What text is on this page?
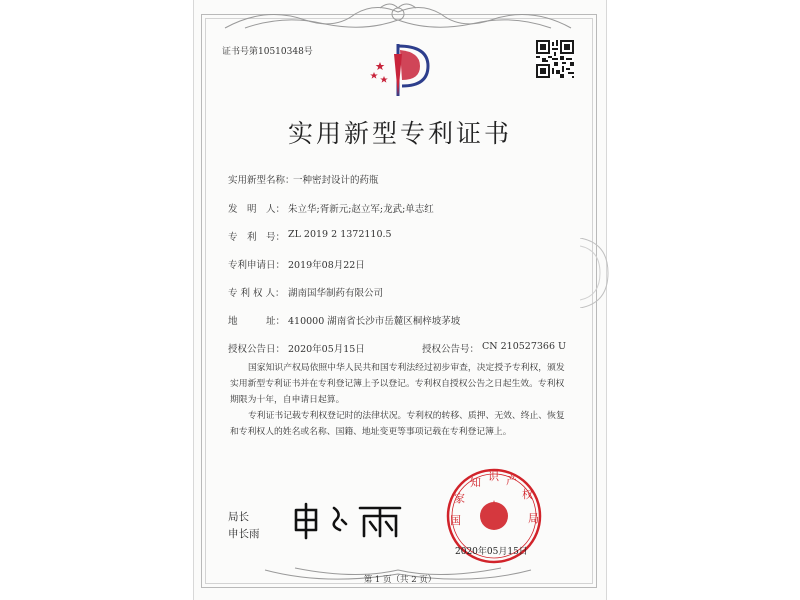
证书号第10510348号
实用新型专利证书
实用新型名称：
一种密封设计的药瓶
发　明　人： 朱立华;胥新元;赵立军;龙武;单志红
专　利　号： ZL 2019 2 1372110.5
专利申请日： 2019年08月22日
专 利 权 人： 湖南国华制药有限公司
地　　　址： 410000 湖南省长沙市岳麓区桐梓坡茅坡
授权公告日： 2020年05月15日	授权公告号： CN 210527366 U
国家知识产权局依照中华人民共和国专利法经过初步审查，决定授予专利权，颁发实用新型专利证书并在专利登记簿上予以登记。专利权自授权公告之日起生效。专利权期限为十年，自申请日起算。
专利证书记载专利权登记时的法律状况。专利权的转移、质押、无效、终止、恢复和专利权人的姓名或名称、国籍、地址变更等事项记载在专利登记簿上。
局长
申长雨
国
家
知 识 产
权
局
2020年05月15日
第 1 页（共 2 页）
